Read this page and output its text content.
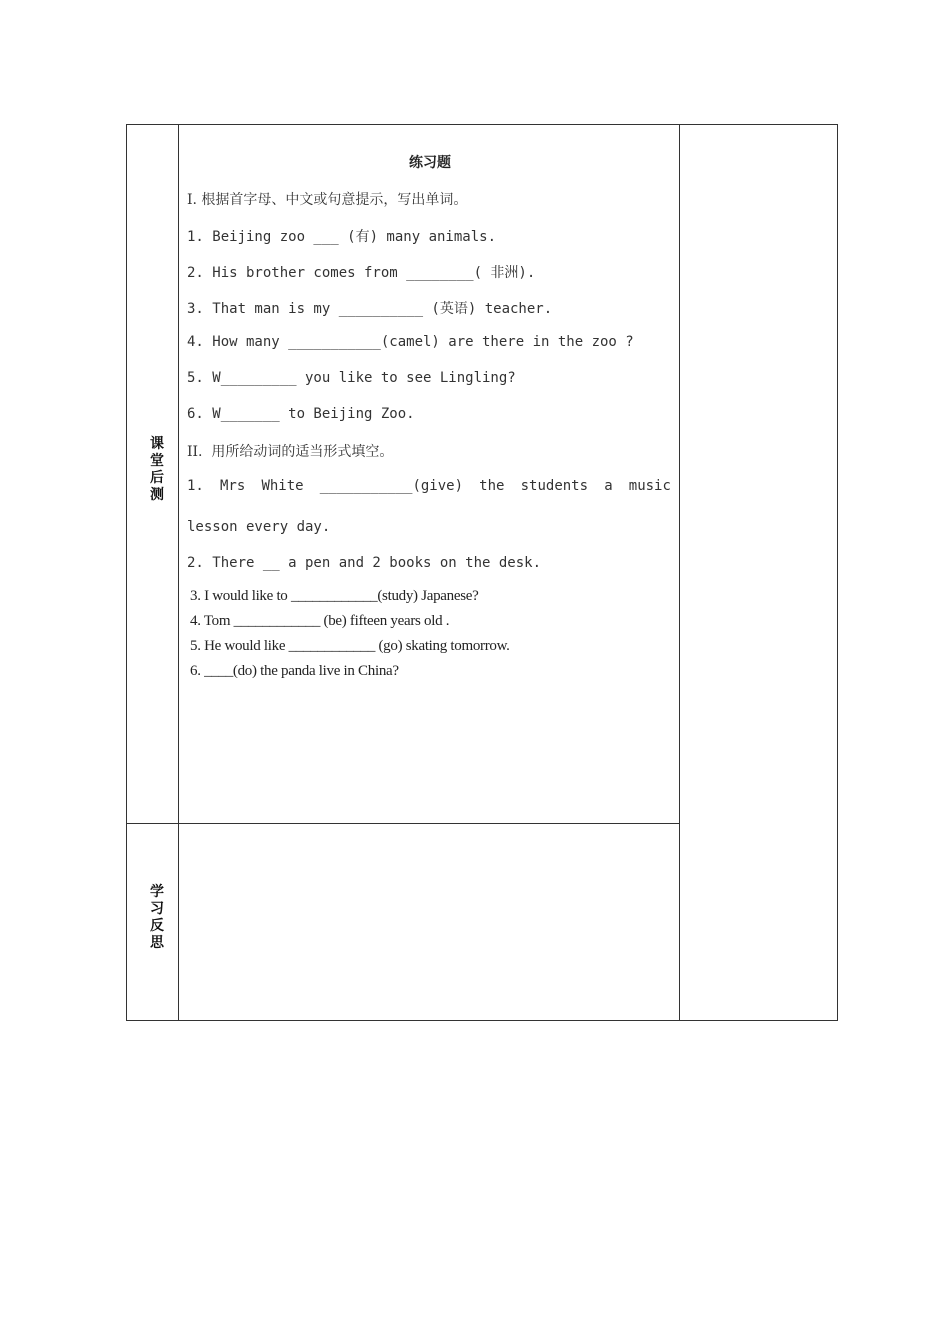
课堂后测
学习反思
练习题
I. 根据首字母、中文或句意提示，写出单词。
1. Beijing zoo ___ (有) many animals.
2. His brother comes from ________( 非洲).
3. That man is my __________ (英语) teacher.
4. How many ___________(camel) are there in the zoo ?
5. W_________ you like to see Lingling?
6. W_______ to Beijing Zoo.
II.  用所给动词的适当形式填空。
1. Mrs White ___________(give) the students a music
lesson every day.
2. There __ a pen and 2 books on the desk.
3. I would like to ____________(study) Japanese?
4. Tom ____________ (be) fifteen years old .
5. He would like ____________ (go) skating tomorrow.
6. ____(do) the panda live in China?
